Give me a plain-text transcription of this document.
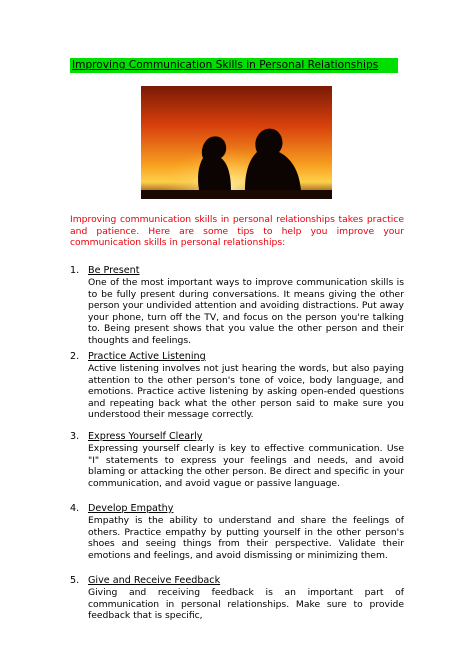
Improving Communication Skills in Personal Relationships
Improving communication skills in personal relationships takes practice and patience. Here are some tips to help you improve your communication skills in personal relationships:
1. Be Present
One of the most important ways to improve communication skills is to be fully present during conversations. It means giving the other person your undivided attention and avoiding distractions. Put away your phone, turn off the TV, and focus on the person you're talking to. Being present shows that you value the other person and their thoughts and feelings.
2. Practice Active Listening
Active listening involves not just hearing the words, but also paying attention to the other person's tone of voice, body language, and emotions. Practice active listening by asking open-ended questions and repeating back what the other person said to make sure you understood their message correctly.
3. Express Yourself Clearly
Expressing yourself clearly is key to effective communication. Use "I" statements to express your feelings and needs, and avoid blaming or attacking the other person. Be direct and specific in your communication, and avoid vague or passive language.
4. Develop Empathy
Empathy is the ability to understand and share the feelings of others. Practice empathy by putting yourself in the other person's shoes and seeing things from their perspective. Validate their emotions and feelings, and avoid dismissing or minimizing them.
5. Give and Receive Feedback
Giving and receiving feedback is an important part of communication in personal relationships. Make sure to provide feedback that is specific,
